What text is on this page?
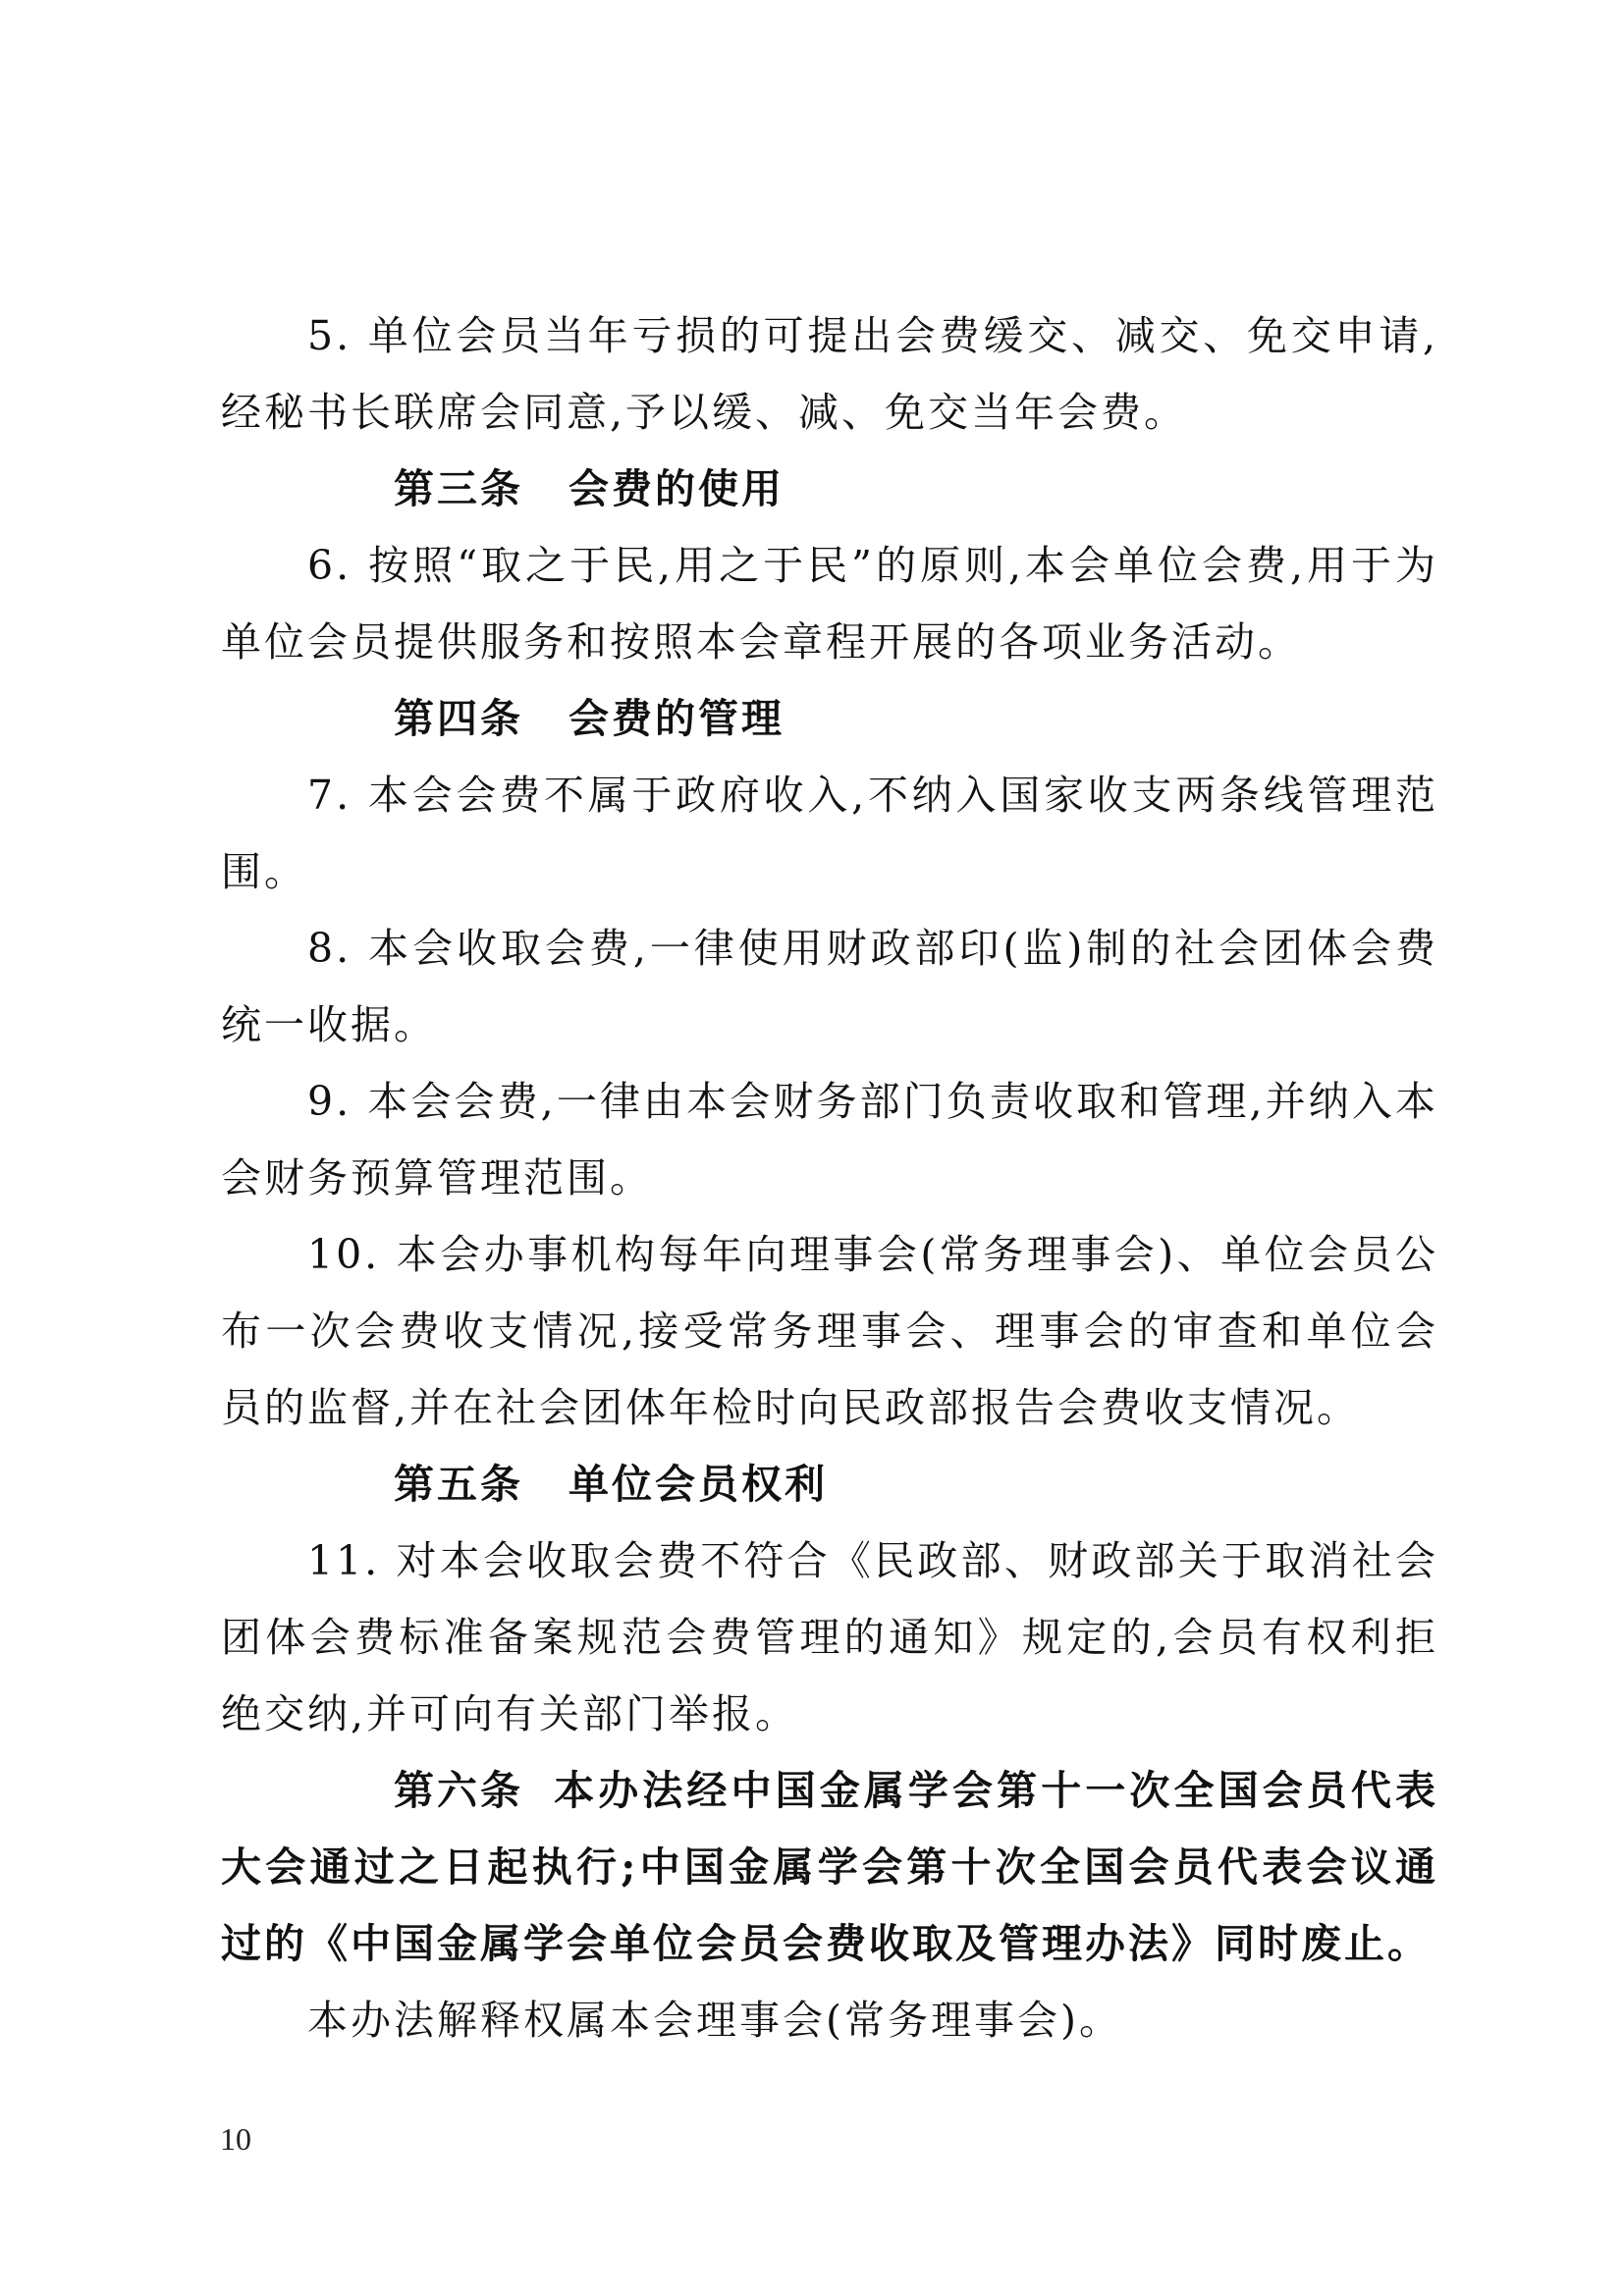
5. 单位会员当年亏损的可提出会费缓交、减交、免交申请,经秘书长联席会同意,予以缓、减、免交当年会费。

第三条 会费的使用

6. 按照“取之于民,用之于民”的原则,本会单位会费,用于为单位会员提供服务和按照本会章程开展的各项业务活动。

第四条 会费的管理

7. 本会会费不属于政府收入,不纳入国家收支两条线管理范围。

8. 本会收取会费,一律使用财政部印(监)制的社会团体会费统一收据。

9. 本会会费,一律由本会财务部门负责收取和管理,并纳入本会财务预算管理范围。

10. 本会办事机构每年向理事会(常务理事会)、单位会员公布一次会费收支情况,接受常务理事会、理事会的审查和单位会员的监督,并在社会团体年检时向民政部报告会费收支情况。

第五条 单位会员权利

11. 对本会收取会费不符合《民政部、财政部关于取消社会团体会费标准备案规范会费管理的通知》规定的,会员有权利拒绝交纳,并可向有关部门举报。

第六条 本办法经中国金属学会第十一次全国会员代表大会通过之日起执行;中国金属学会第十次全国会员代表会议通过的《中国金属学会单位会员会费收取及管理办法》同时废止。

本办法解释权属本会理事会(常务理事会)。

10
